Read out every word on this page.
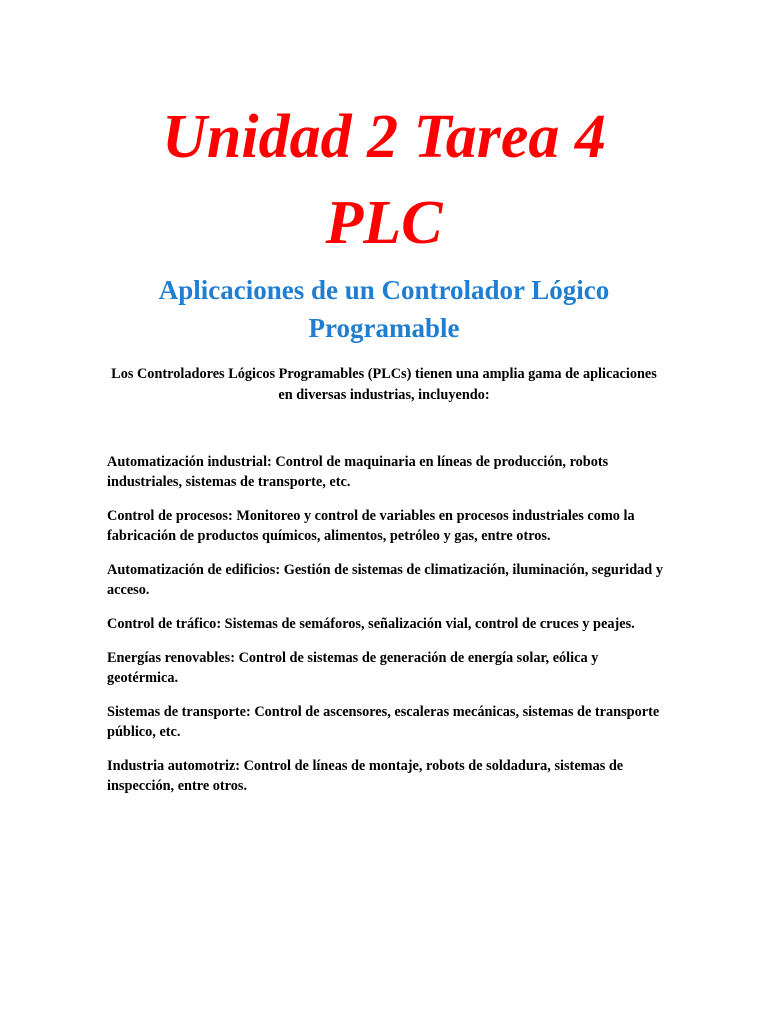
Unidad 2 Tarea 4
PLC
Aplicaciones de un Controlador Lógico Programable

Los Controladores Lógicos Programables (PLCs) tienen una amplia gama de aplicaciones en diversas industrias, incluyendo:

Automatización industrial: Control de maquinaria en líneas de producción, robots industriales, sistemas de transporte, etc.
Control de procesos: Monitoreo y control de variables en procesos industriales como la fabricación de productos químicos, alimentos, petróleo y gas, entre otros.
Automatización de edificios: Gestión de sistemas de climatización, iluminación, seguridad y acceso.
Control de tráfico: Sistemas de semáforos, señalización vial, control de cruces y peajes.
Energías renovables: Control de sistemas de generación de energía solar, eólica y geotérmica.
Sistemas de transporte: Control de ascensores, escaleras mecánicas, sistemas de transporte público, etc.
Industria automotriz: Control de líneas de montaje, robots de soldadura, sistemas de inspección, entre otros.
